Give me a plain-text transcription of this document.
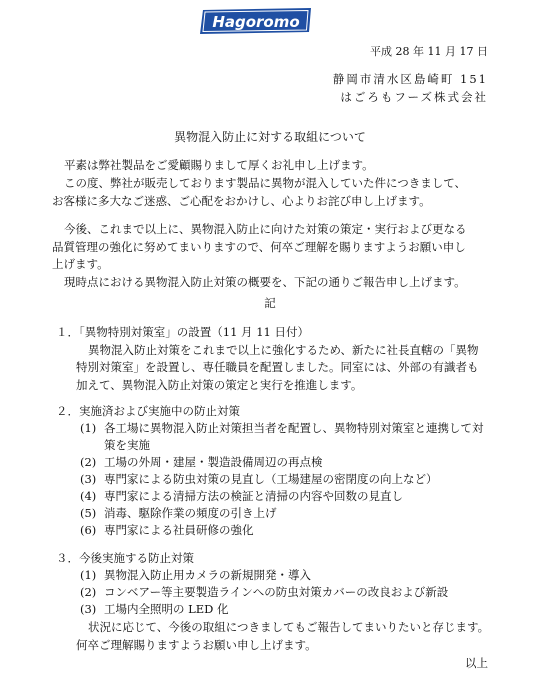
Hagoromo
平成 28 年 11 月 17 日
静岡市清水区島崎町 151
はごろもフーズ株式会社
異物混入防止に対する取組について
平素は弊社製品をご愛顧賜りまして厚くお礼申し上げます。
この度、弊社が販売しております製品に異物が混入していた件につきまして、
お客様に多大なご迷惑、ご心配をおかけし、心よりお詫び申し上げます。
今後、これまで以上に、異物混入防止に向けた対策の策定・実行および更なる
品質管理の強化に努めてまいりますので、何卒ご理解を賜りますようお願い申し
上げます。
現時点における異物混入防止対策の概要を、下記の通りご報告申し上げます。
記
１．「異物特別対策室」の設置（11 月 11 日付）
異物混入防止対策をこれまで以上に強化するため、新たに社長直轄の「異物
特別対策室」を設置し、専任職員を配置しました。同室には、外部の有識者も
加えて、異物混入防止対策の策定と実行を推進します。
２．実施済および実施中の防止対策
(1) 各工場に異物混入防止対策担当者を配置し、異物特別対策室と連携して対
策を実施
(2) 工場の外周・建屋・製造設備周辺の再点検
(3) 専門家による防虫対策の見直し（工場建屋の密閉度の向上など）
(4) 専門家による清掃方法の検証と清掃の内容や回数の見直し
(5) 消毒、駆除作業の頻度の引き上げ
(6) 専門家による社員研修の強化
３．今後実施する防止対策
(1) 異物混入防止用カメラの新規開発・導入
(2) コンベアー等主要製造ラインへの防虫対策カバーの改良および新設
(3) 工場内全照明の LED 化
状況に応じて、今後の取組につきましてもご報告してまいりたいと存じます。
何卒ご理解賜りますようお願い申し上げます。
以上
